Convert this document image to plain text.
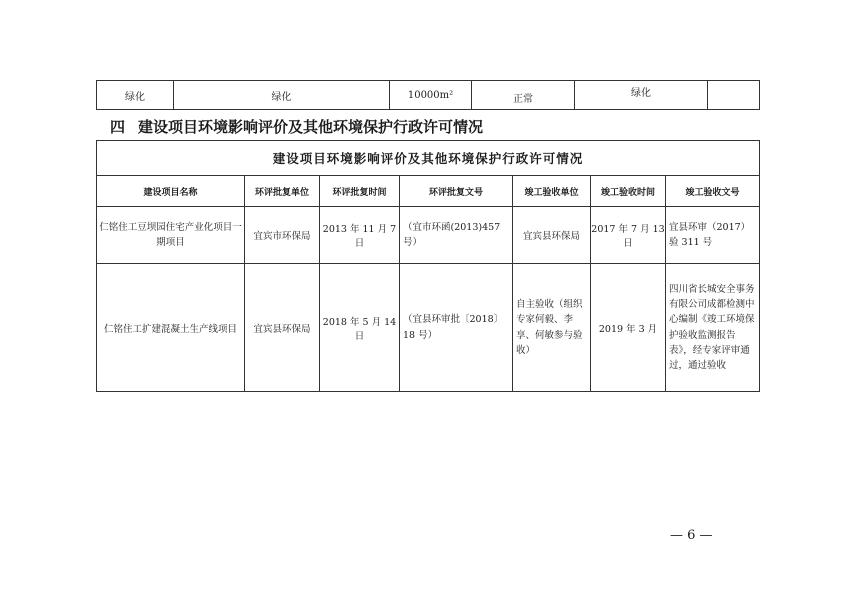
绿化	绿化	10000m²	正常	绿化	
四 建设项目环境影响评价及其他环境保护行政许可情况
建设项目环境影响评价及其他环境保护行政许可情况						
建设项目名称	环评批复单位	环评批复时间	环评批复文号	竣工验收单位	竣工验收时间	竣工验收文号
仁铭住工豆坝园住宅产业化项目一期项目	宜宾市环保局	2013 年 11 月 7 日	（宜市环函(2013)457 号）	宜宾县环保局	2017 年 7 月 13 日	宜县环审（2017）验 311 号
仁铭住工扩建混凝土生产线项目	宜宾县环保局	2018 年 5 月 14 日	（宜县环审批〔2018〕18 号）	自主验收（组织专家何毅、李享、何敏参与验收）	2019 年 3 月	四川省长城安全事务有限公司成都检测中心编制《竣工环境保护验收监测报告表》，经专家评审通过，通过验收
— 6 —
